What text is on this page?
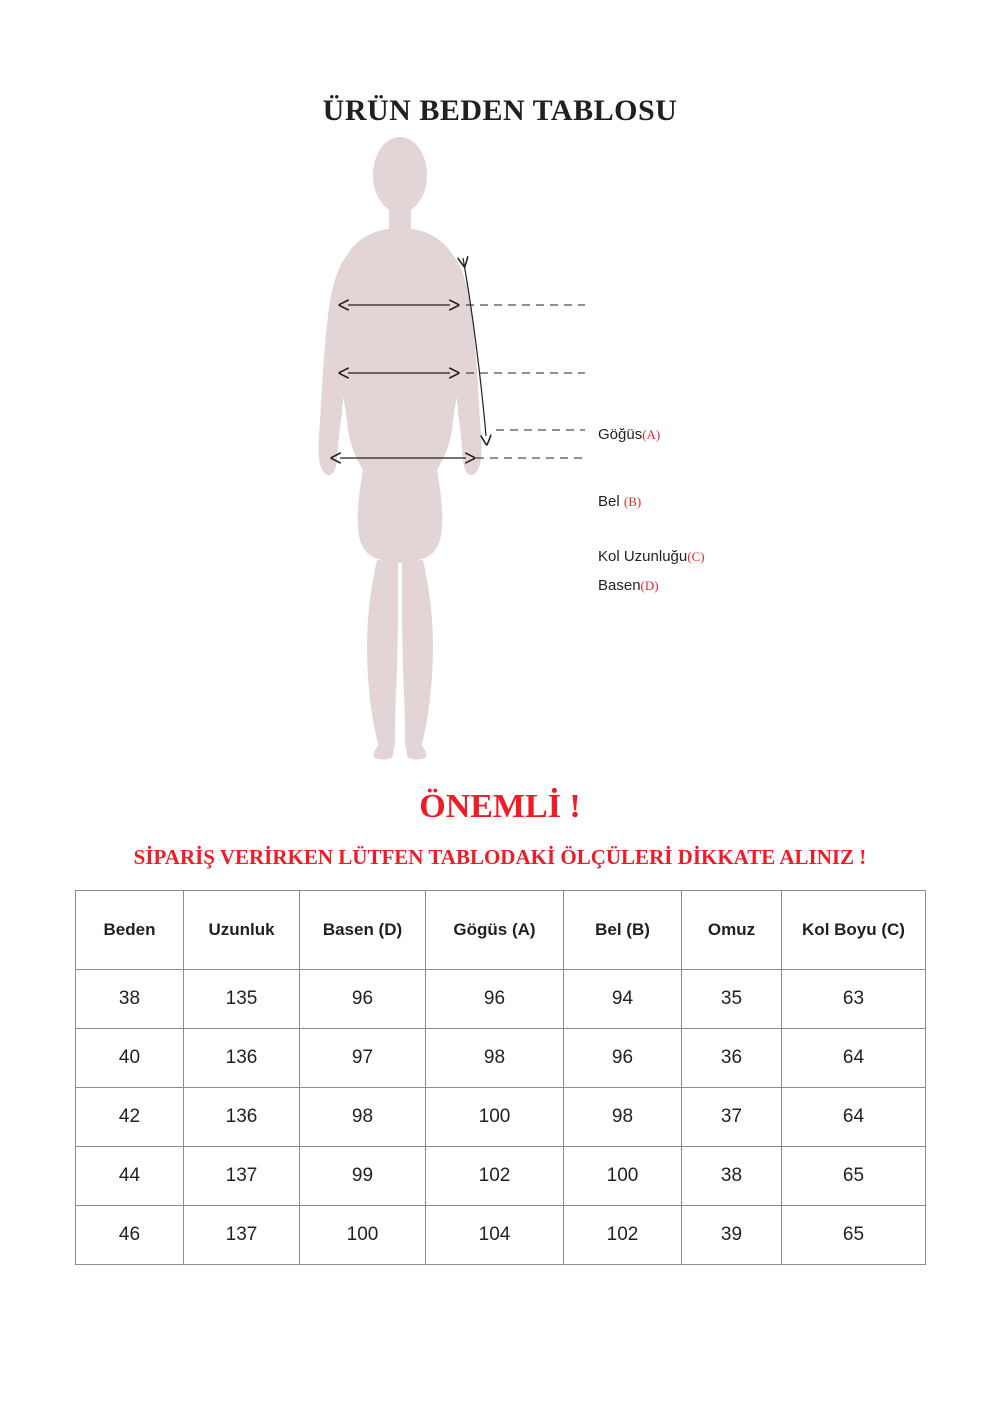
ÜRÜN BEDEN TABLOSU
Göğüs(A)
Bel (B)
Kol Uzunluğu(C)
Basen(D)
ÖNEMLİ !
SİPARİŞ VERİRKEN LÜTFEN TABLODAKİ ÖLÇÜLERİ DİKKATE ALINIZ !
Beden	Uzunluk	Basen (D)	Gögüs (A)	Bel (B)	Omuz	Kol Boyu (C)
38	135	96	96	94	35	63
40	136	97	98	96	36	64
42	136	98	100	98	37	64
44	137	99	102	100	38	65
46	137	100	104	102	39	65
